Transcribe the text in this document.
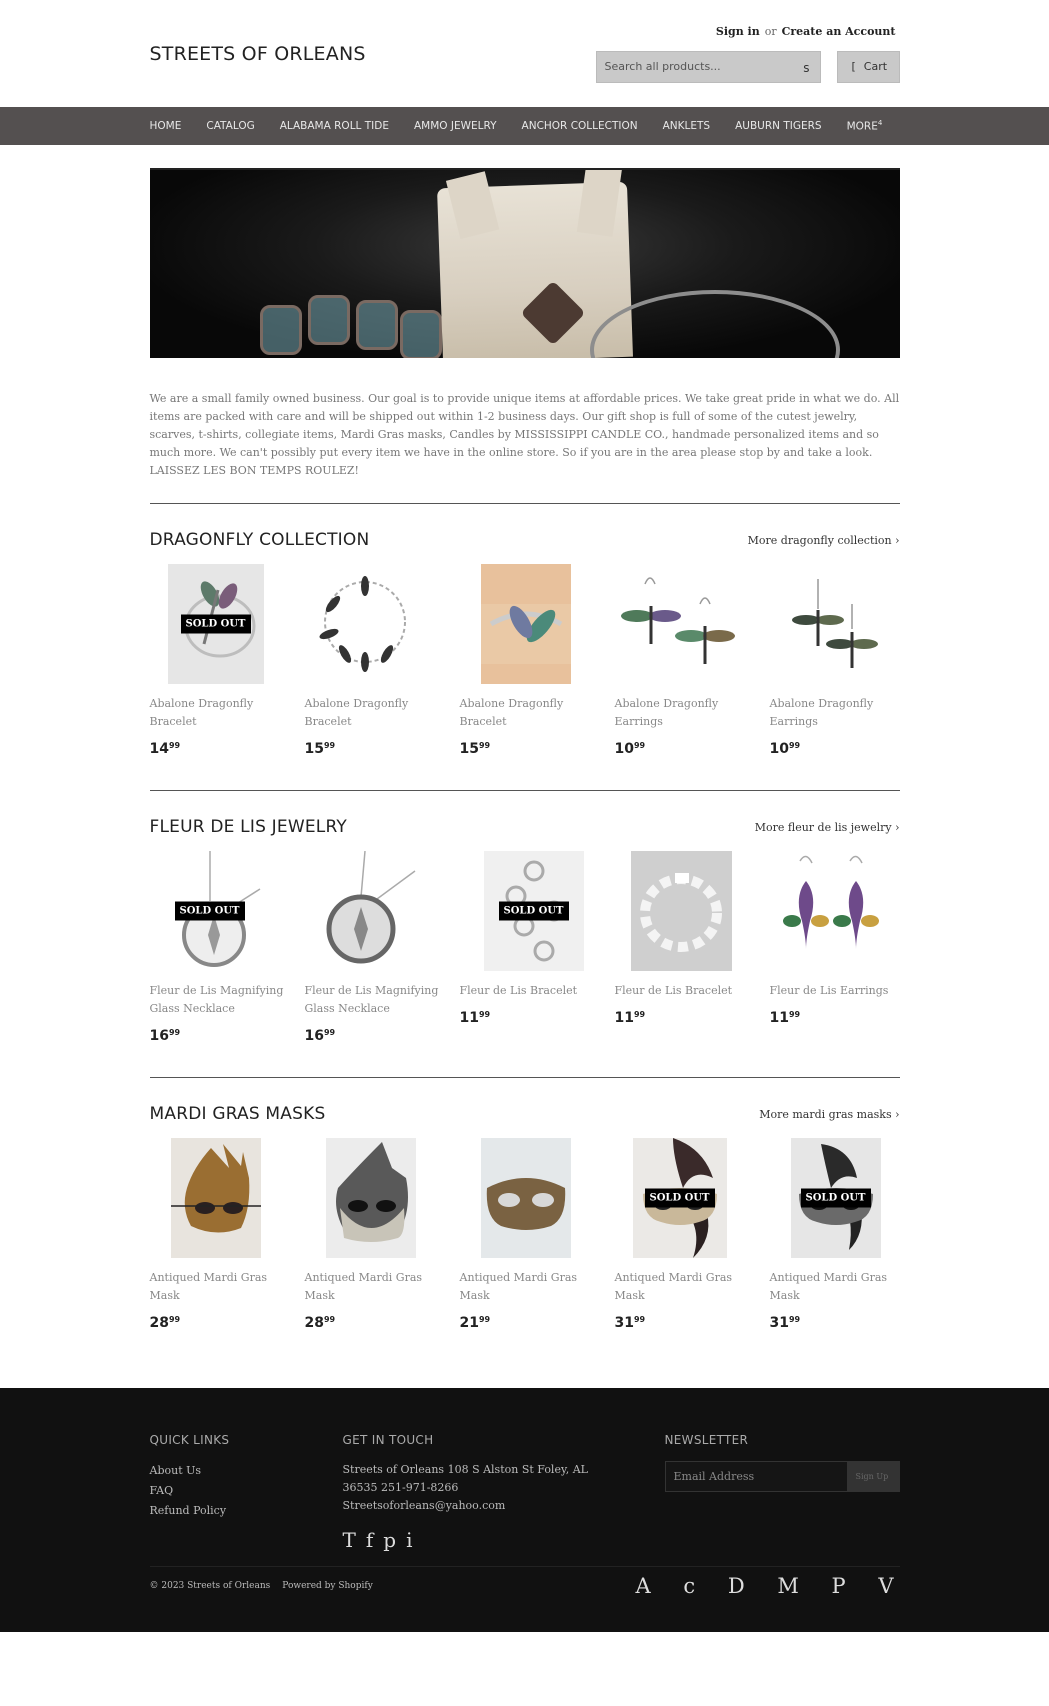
STREETS OF ORLEANS
Sign in or Create an Account
Search all products...	s	[ Cart
HOME CATALOG ALABAMA ROLL TIDE AMMO JEWELRY ANCHOR COLLECTION ANKLETS AUBURN TIGERS MORE$^4$

We are a small family owned business. Our goal is to provide unique items at affordable prices. We take great pride in what we do. All items are packed with care and will be shipped out within 1-2 business days. Our gift shop is full of some of the cutest jewelry, scarves, t-shirts, collegiate items, Mardi Gras masks, Candles by MISSISSIPPI CANDLE CO., handmade personalized items and so much more. We can't possibly put every item we have in the online store. So if you are in the area please stop by and take a look. LAISSEZ LES BON TEMPS ROULEZ!

DRAGONFLY COLLECTION	More dragonfly collection ›
SOLD OUT
Abalone Dragonfly Bracelet
$14^{99}$
Abalone Dragonfly Bracelet
$15^{99}$
Abalone Dragonfly Bracelet
$15^{99}$
Abalone Dragonfly Earrings
$10^{99}$
Abalone Dragonfly Earrings
$10^{99}$
FLEUR DE LIS JEWELRY	More fleur de lis jewelry ›
SOLD OUT
Fleur de Lis Magnifying Glass Necklace
$16^{99}$
Fleur de Lis Magnifying Glass Necklace
$16^{99}$
SOLD OUT
Fleur de Lis Bracelet
$11^{99}$
Fleur de Lis Bracelet
$11^{99}$
Fleur de Lis Earrings
$11^{99}$
MARDI GRAS MASKS	More mardi gras masks ›
Antiqued Mardi Gras Mask
$28^{99}$
Antiqued Mardi Gras Mask
$28^{99}$
Antiqued Mardi Gras Mask
$21^{99}$
SOLD OUT
Antiqued Mardi Gras Mask
$31^{99}$
SOLD OUT
Antiqued Mardi Gras Mask
$31^{99}$
QUICK LINKS
About Us
FAQ
Refund Policy
GET IN TOUCH
Streets of Orleans 108 S Alston St Foley, AL 36535 251-971-8266
Streetsoforleans@yahoo.com
Tfpi
NEWSLETTER
Email Address	Sign Up
© 2023 Streets of Orleans Powered by Shopify	A c D M P V
